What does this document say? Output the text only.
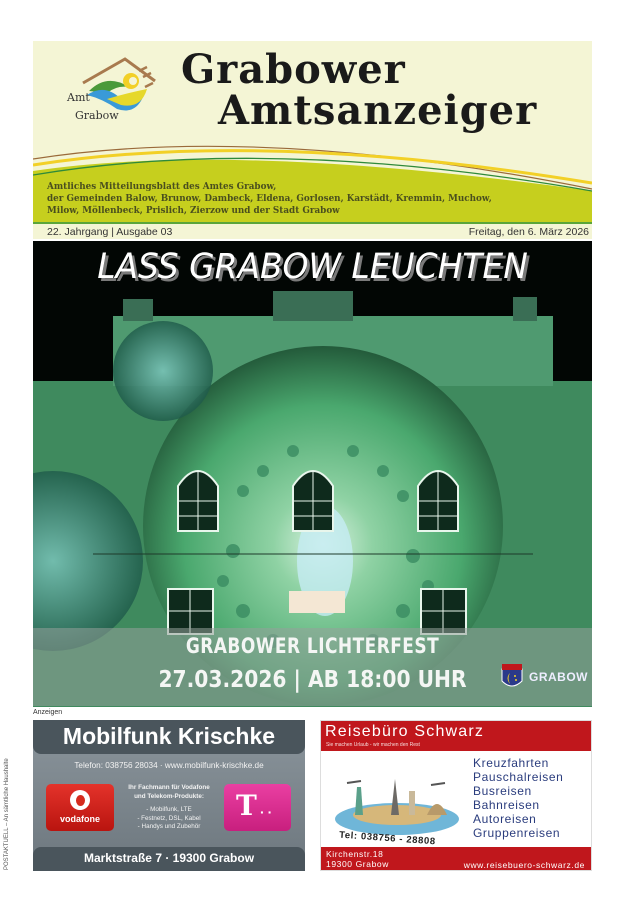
POSTAKTUELL – An sämtliche Haushalte
Amt
Grabow
Grabower
Amtsanzeiger
Amtliches Mitteilungsblatt des Amtes Grabow,
der Gemeinden Balow, Brunow, Dambeck, Eldena, Gorlosen, Karstädt, Kremmin, Muchow,
Milow, Möllenbeck, Prislich, Zierzow und der Stadt Grabow
22. Jahrgang | Ausgabe 03	Freitag, den 6. März 2026
LASS GRABOW LEUCHTEN
GRABOWER LICHTERFEST
27.03.2026 | AB 18:00 UHR	GRABOW
Anzeigen
Mobilfunk Krischke
Telefon: 038756 28034 · www.mobilfunk-krischke.de
vodafone
Ihr Fachmann für Vodafone
und Telekom-Produkte:
- Mobilfunk, LTE
- Festnetz, DSL, Kabel
- Handys und Zubehör
T ··
Marktstraße 7 · 19300 Grabow
Reisebüro Schwarz
Sie machen Urlaub - wir machen den Rest
Kreuzfahrten
Pauschalreisen
Busreisen
Bahnreisen
Autoreisen
Gruppenreisen
Tel: 038756 - 28808
Kirchenstr.18
19300 Grabow	www.reisebuero-schwarz.de
